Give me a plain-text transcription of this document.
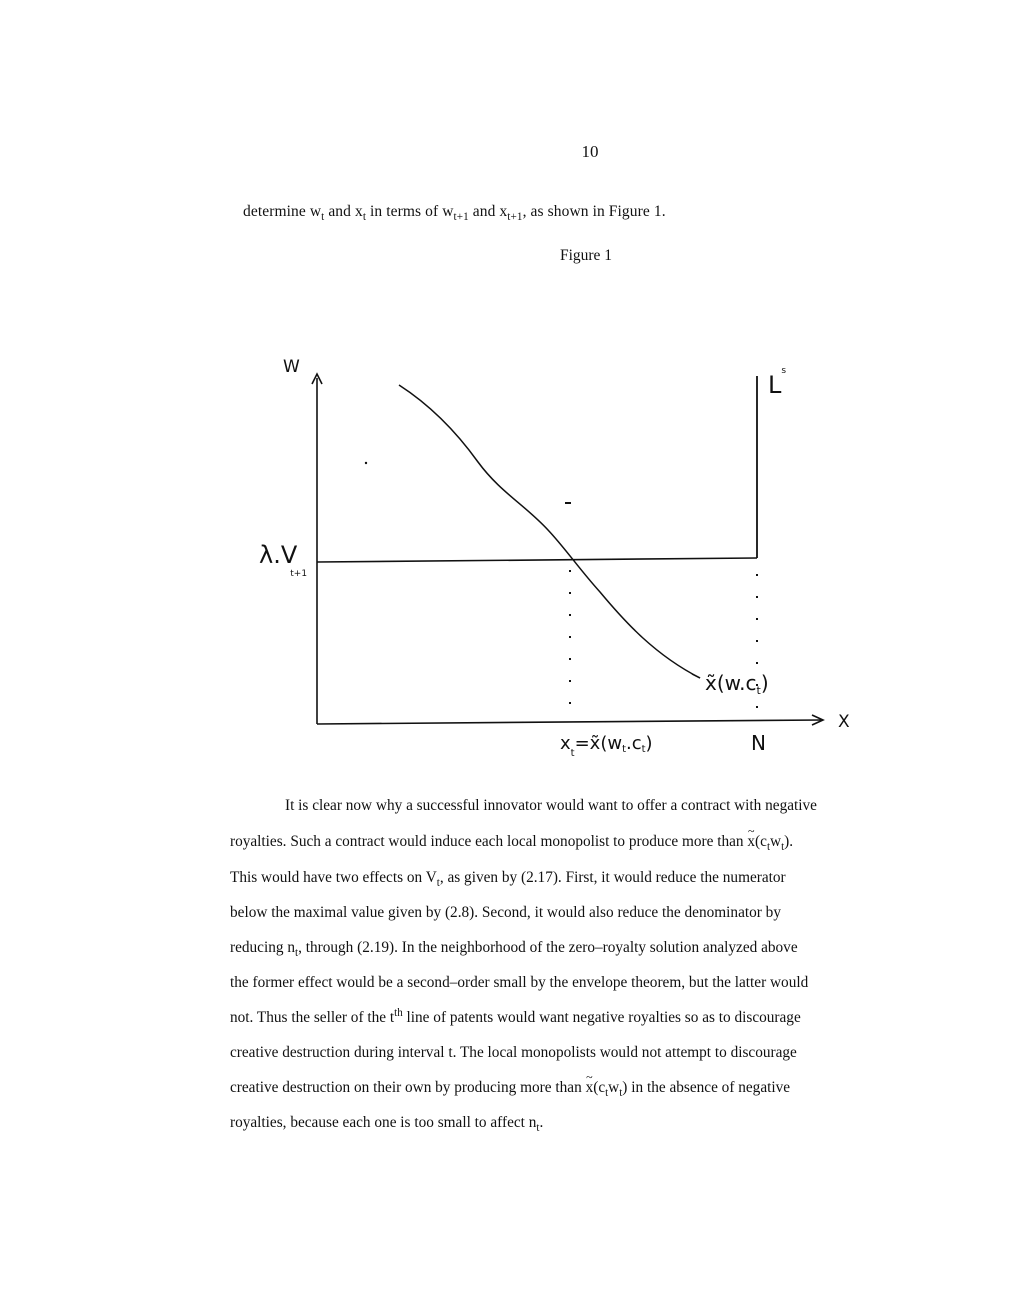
10
determine $w_t$ and $x_t$ in terms of $w_{t+1}$ and $x_{t+1}$, as shown in Figure 1.
Figure 1
W
X
$L^s$
λ.V t+1
$x̃(w.c_t)$
$x_t=x̃(wt.ct)$	N
It is clear now why a successful innovator would want to offer a contract with negative
royalties. Such a contract would induce each local monopolist to produce more than ~ $x(c_tw_t)$.
This would have two effects on $V_t$, as given by (2.17). First, it would reduce the numerator
below the maximal value given by (2.8). Second, it would also reduce the denominator by
reducing $n_t$, through (2.19). In the neighborhood of the zero–royalty solution analyzed above
the former effect would be a second–order small by the envelope theorem, but the latter would
not. Thus the seller of the $t^{th}$ line of patents would want negative royalties so as to discourage
creative destruction during interval t. The local monopolists would not attempt to discourage
creative destruction on their own by producing more than ~ $x(c_tw_t)$ in the absence of negative
royalties, because each one is too small to affect $n_t$.
